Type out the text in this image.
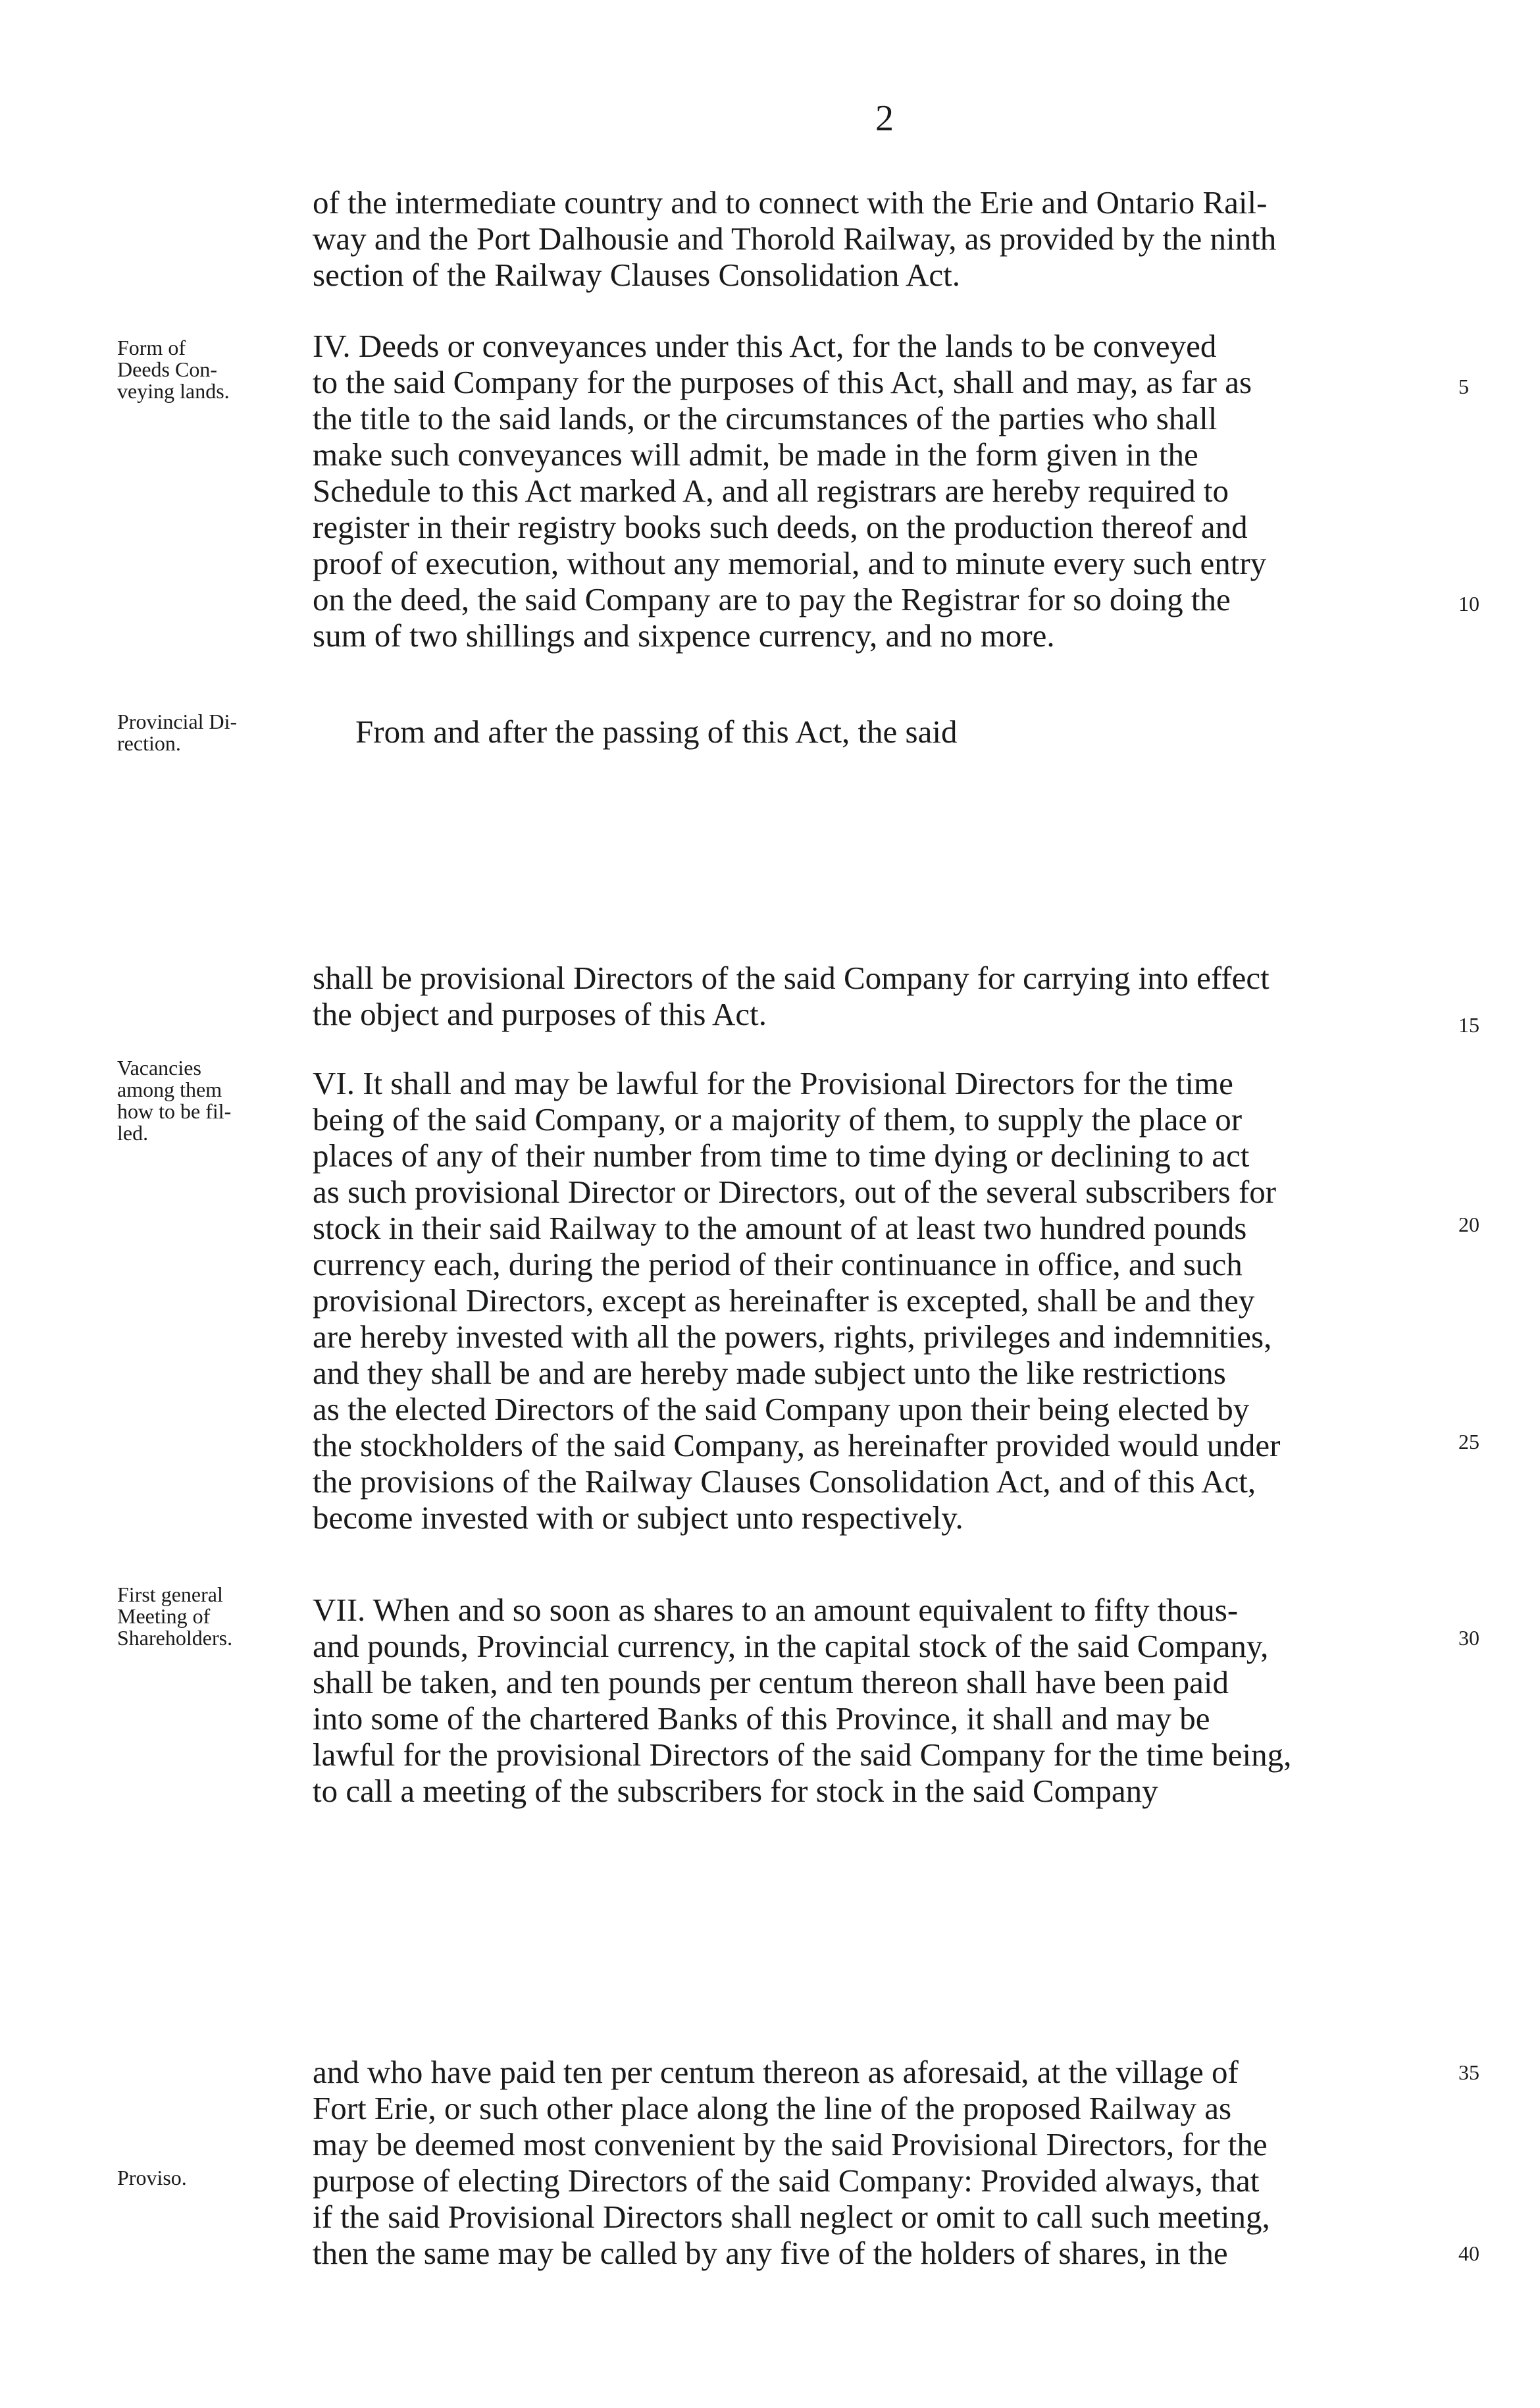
2
of the intermediate country and to connect with the Erie and Ontario Rail-
way and the Port Dalhousie and Thorold Railway, as provided by the ninth
section of the Railway Clauses Consolidation Act.
Form of
Deeds Con-
veying lands.
IV. Deeds or conveyances under this Act, for the lands to be conveyed
to the said Company for the purposes of this Act, shall and may, as far as
the title to the said lands, or the circumstances of the parties who shall
make such conveyances will admit, be made in the form given in the
Schedule to this Act marked A, and all registrars are hereby required to
register in their registry books such deeds, on the production thereof and
proof of execution, without any memorial, and to minute every such entry
on the deed, the said Company are to pay the Registrar for so doing the
sum of two shillings and sixpence currency, and no more.
5
10
Provincial Di-
rection.	From and after the passing of this Act, the said
shall be provisional Directors of the said Company for carrying into effect
the object and purposes of this Act.	15
Vacancies
among them
how to be fil-
led.
VI. It shall and may be lawful for the Provisional Directors for the time
being of the said Company, or a majority of them, to supply the place or
places of any of their number from time to time dying or declining to act
as such provisional Director or Directors, out of the several subscribers for
stock in their said Railway to the amount of at least two hundred pounds
currency each, during the period of their continuance in office, and such
provisional Directors, except as hereinafter is excepted, shall be and they
are hereby invested with all the powers, rights, privileges and indemnities,
and they shall be and are hereby made subject unto the like restrictions
as the elected Directors of the said Company upon their being elected by
the stockholders of the said Company, as hereinafter provided would under
the provisions of the Railway Clauses Consolidation Act, and of this Act,
become invested with or subject unto respectively.
20
25
First general
Meeting of
Shareholders.
VII. When and so soon as shares to an amount equivalent to fifty thous-
and pounds, Provincial currency, in the capital stock of the said Company,
shall be taken, and ten pounds per centum thereon shall have been paid
into some of the chartered Banks of this Province, it shall and may be
lawful for the provisional Directors of the said Company for the time being,
to call a meeting of the subscribers for stock in the said Company
30
and who have paid ten per centum thereon as aforesaid, at the village of
Fort Erie, or such other place along the line of the proposed Railway as
may be deemed most convenient by the said Provisional Directors, for the
purpose of electing Directors of the said Company: Provided always, that
if the said Provisional Directors shall neglect or omit to call such meeting,
then the same may be called by any five of the holders of shares, in the
35
Proviso.
40
